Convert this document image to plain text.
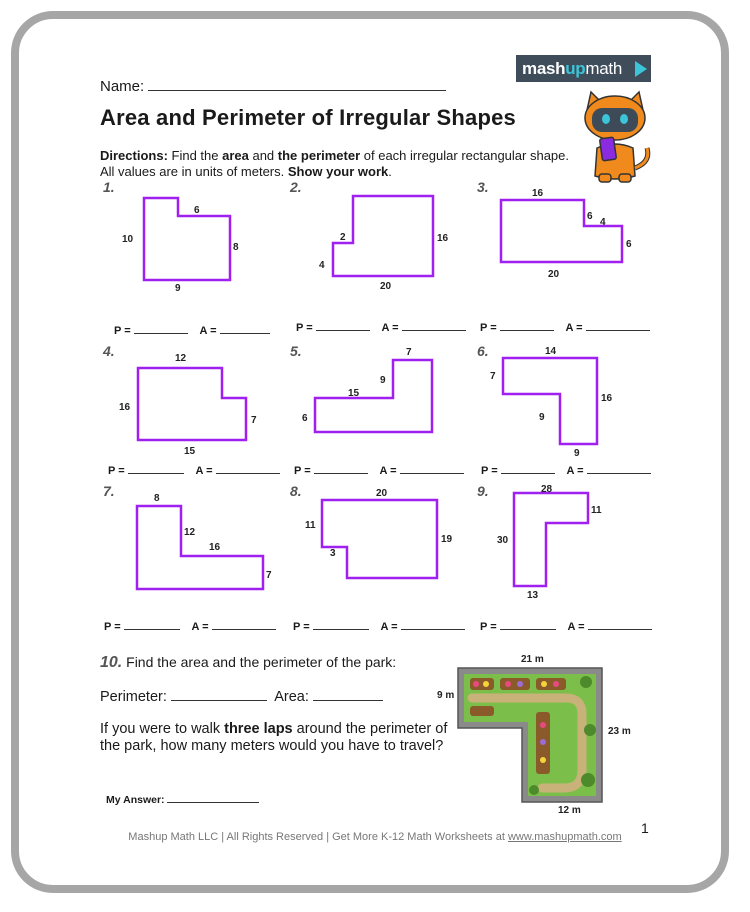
Name:
mashupmath
Area and Perimeter of Irregular Shapes
Directions: Find the area and the perimeter of each irregular rectangular shape. All values are in units of meters. Show your work.
1.	2.	3.
4.	5.	6.
7.	8.	9.
6
10
8
9
2	16
4
20
16
6
4
6
20
12
16
7
15
7
9
15
6
14
7
16
9
9
8
12
16
7
20
11
19
3
28
11
30
13
P =	A =	P =	A =	P =	A =
P =	A =	P =	A =	P =	A =
P =	A =	P =	A =	P =	A =
10. Find the area and the perimeter of the park:
Perimeter:	Area:
If you were to walk three laps around the perimeter of the park, how many meters would you have to travel?
My Answer:
21 m
9 m
23 m
12 m
Mashup Math LLC | All Rights Reserved | Get More K-12 Math Worksheets at www.mashupmath.com
1
